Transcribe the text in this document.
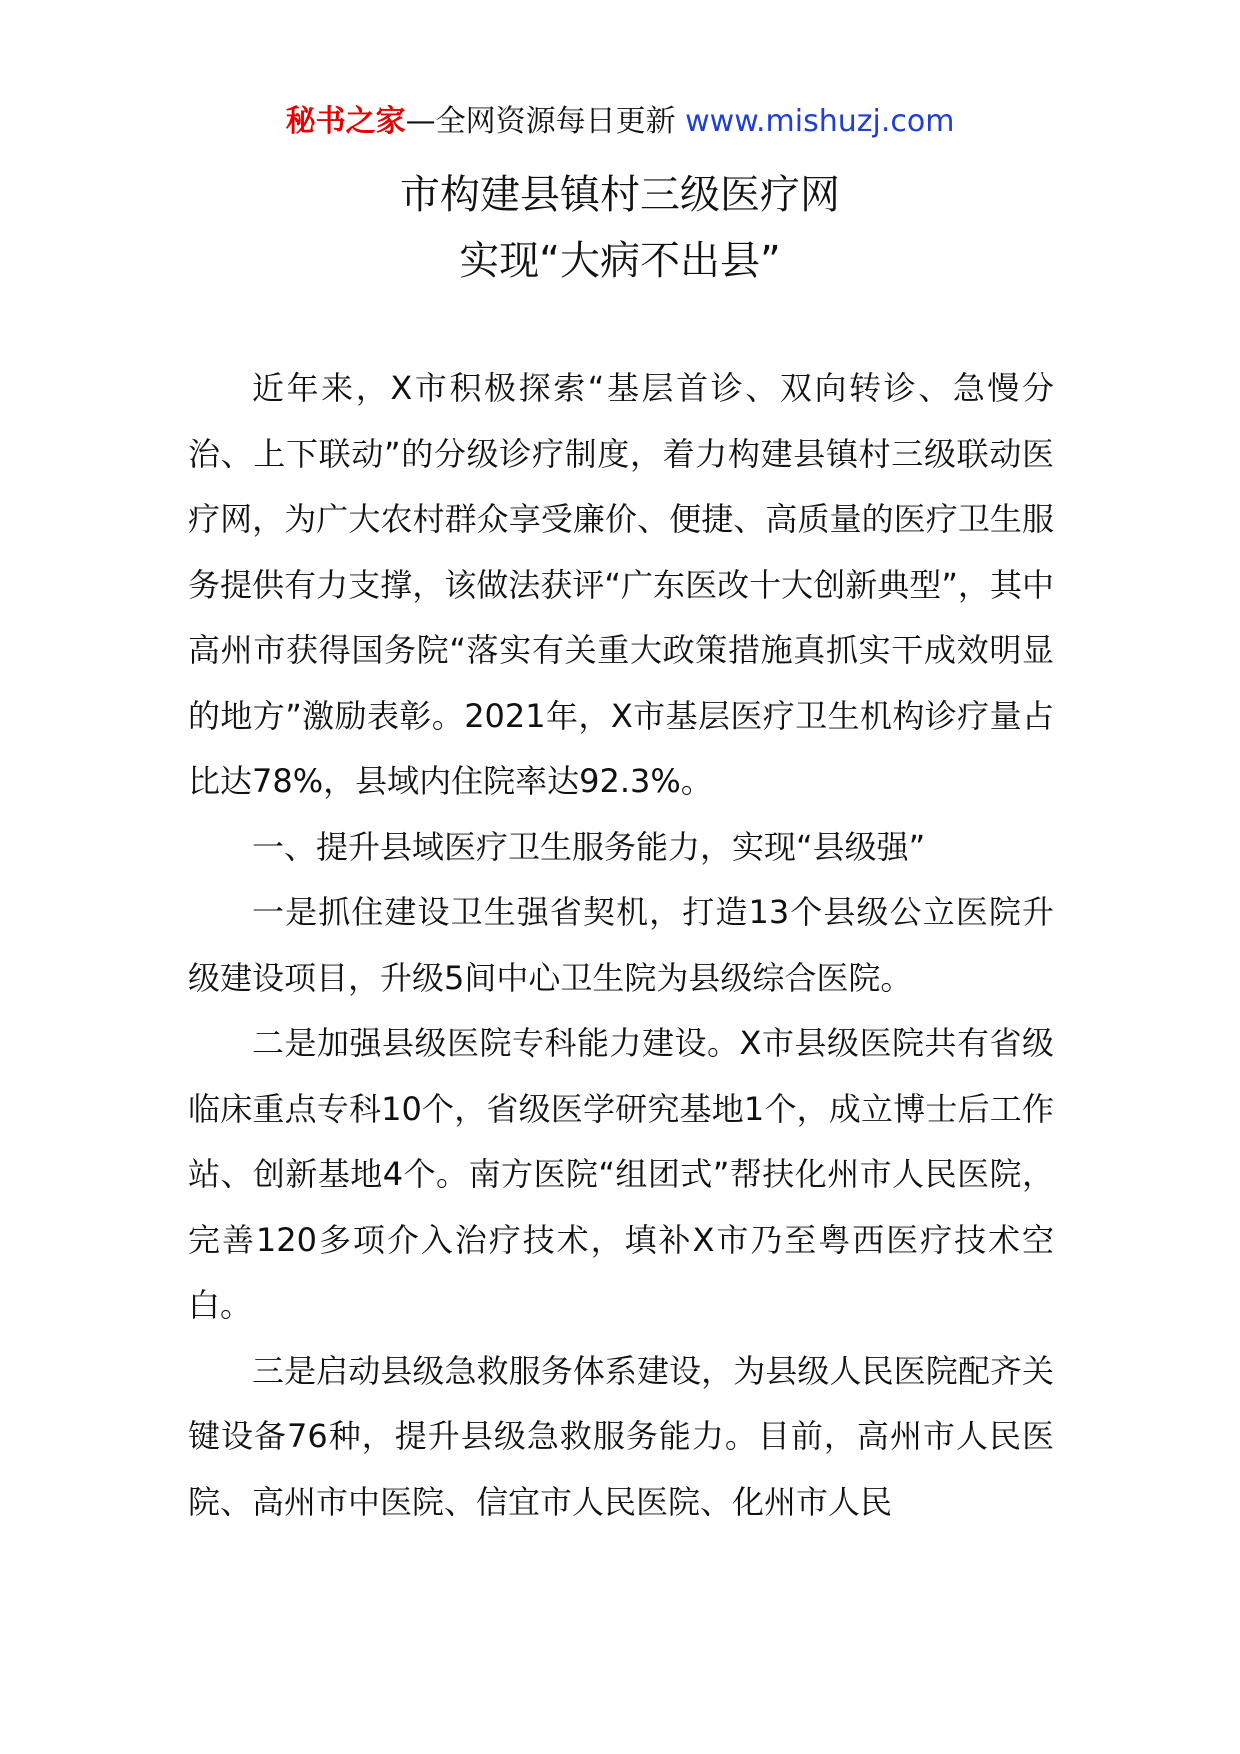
秘书之家—全网资源每日更新 www.mishuzj.com
市构建县镇村三级医疗网
实现“大病不出县”

近年来，X市积极探索“基层首诊、双向转诊、急慢分治、上下联动”的分级诊疗制度，着力构建县镇村三级联动医疗网，为广大农村群众享受廉价、便捷、高质量的医疗卫生服务提供有力支撑，该做法获评“广东医改十大创新典型”，其中高州市获得国务院“落实有关重大政策措施真抓实干成效明显的地方”激励表彰。2021年，X市基层医疗卫生机构诊疗量占比达78%，县域内住院率达92.3%。

一、提升县域医疗卫生服务能力，实现“县级强”

一是抓住建设卫生强省契机，打造13个县级公立医院升级建设项目，升级5间中心卫生院为县级综合医院。

二是加强县级医院专科能力建设。X市县级医院共有省级临床重点专科10个，省级医学研究基地1个，成立博士后工作站、创新基地4个。南方医院“组团式”帮扶化州市人民医院，完善120多项介入治疗技术，填补X市乃至粤西医疗技术空白。

三是启动县级急救服务体系建设，为县级人民医院配齐关键设备76种，提升县级急救服务能力。目前，高州市人民医院、高州市中医院、信宜市人民医院、化州市人民
